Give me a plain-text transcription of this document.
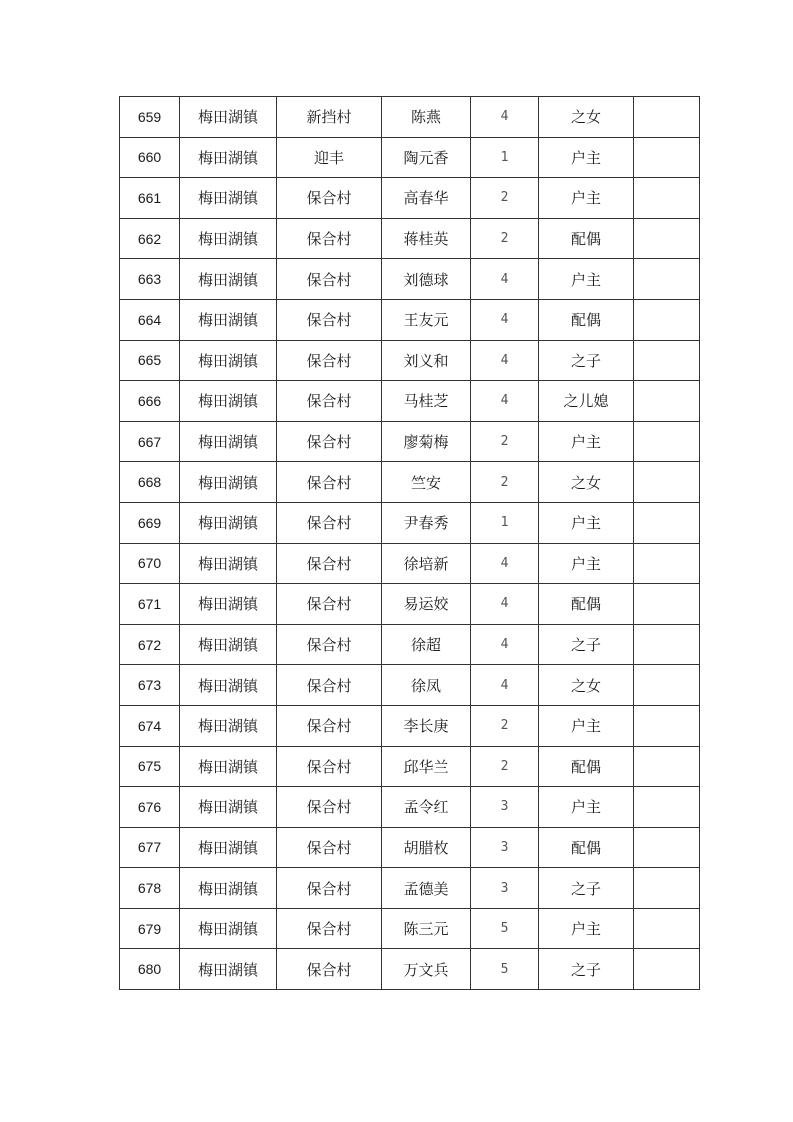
659	梅田湖镇	新挡村	陈燕	4	之女	
660	梅田湖镇	迎丰	陶元香	1	户主	
661	梅田湖镇	保合村	高春华	2	户主	
662	梅田湖镇	保合村	蒋桂英	2	配偶	
663	梅田湖镇	保合村	刘德球	4	户主	
664	梅田湖镇	保合村	王友元	4	配偶	
665	梅田湖镇	保合村	刘义和	4	之子	
666	梅田湖镇	保合村	马桂芝	4	之儿媳	
667	梅田湖镇	保合村	廖菊梅	2	户主	
668	梅田湖镇	保合村	竺安	2	之女	
669	梅田湖镇	保合村	尹春秀	1	户主	
670	梅田湖镇	保合村	徐培新	4	户主	
671	梅田湖镇	保合村	易运姣	4	配偶	
672	梅田湖镇	保合村	徐超	4	之子	
673	梅田湖镇	保合村	徐凤	4	之女	
674	梅田湖镇	保合村	李长庚	2	户主	
675	梅田湖镇	保合村	邱华兰	2	配偶	
676	梅田湖镇	保合村	孟令红	3	户主	
677	梅田湖镇	保合村	胡腊枚	3	配偶	
678	梅田湖镇	保合村	孟德美	3	之子	
679	梅田湖镇	保合村	陈三元	5	户主	
680	梅田湖镇	保合村	万文兵	5	之子	
